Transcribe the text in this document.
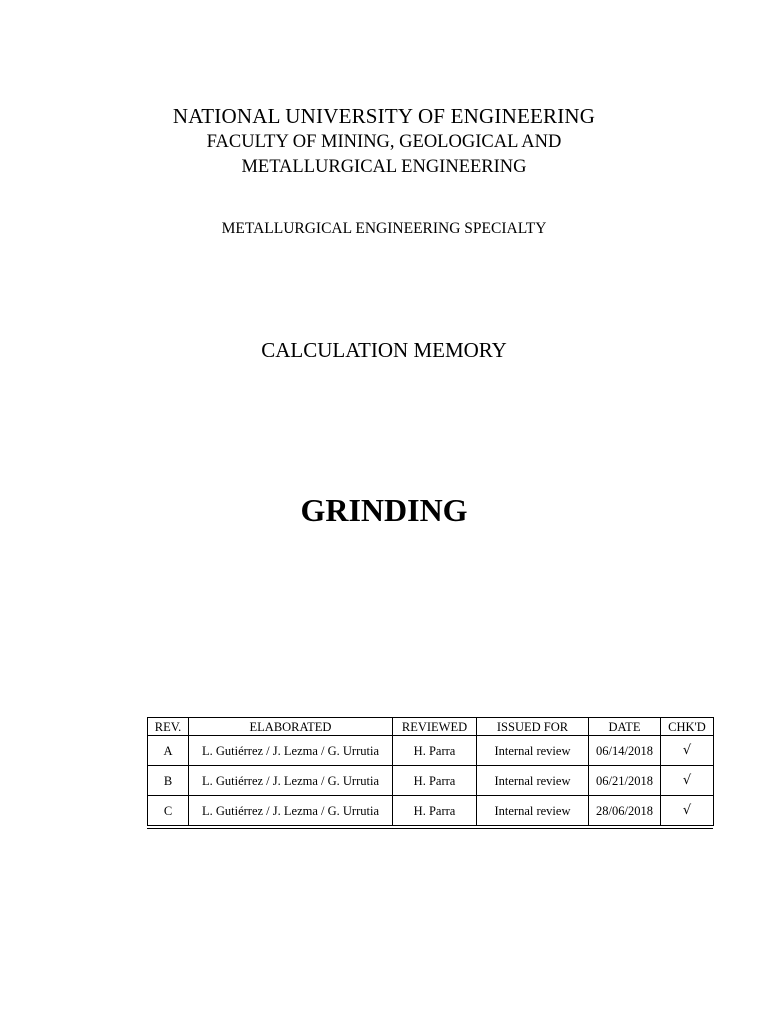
NATIONAL UNIVERSITY OF ENGINEERING
FACULTY OF MINING, GEOLOGICAL AND
METALLURGICAL ENGINEERING
METALLURGICAL ENGINEERING SPECIALTY
CALCULATION MEMORY
GRINDING
REV.	ELABORATED	REVIEWED	ISSUED FOR	DATE	CHK'D
A	L. Gutiérrez / J. Lezma / G. Urrutia	H. Parra	Internal review	06/14/2018	√
B	L. Gutiérrez / J. Lezma / G. Urrutia	H. Parra	Internal review	06/21/2018	√
C	L. Gutiérrez / J. Lezma / G. Urrutia	H. Parra	Internal review	28/06/2018	√
